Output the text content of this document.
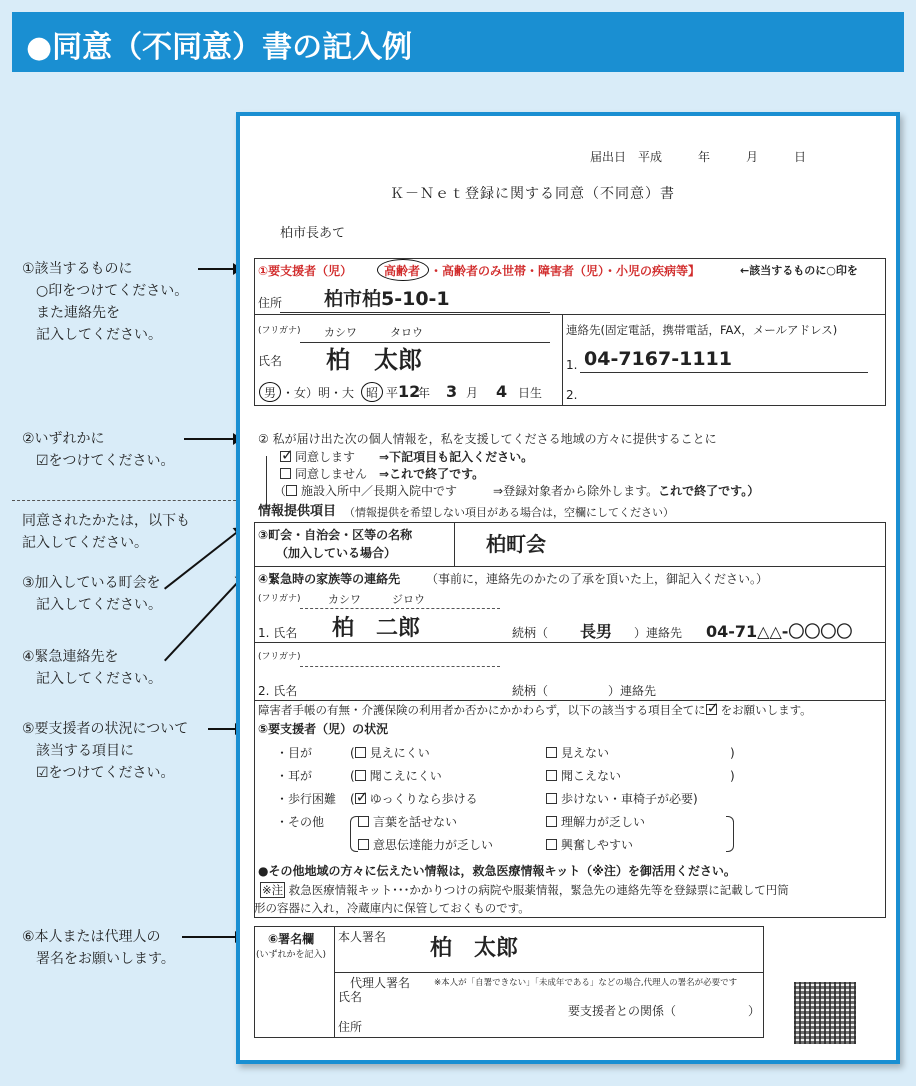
●同意（不同意）書の記入例
①該当するものに
○印をつけてください。
また連絡先を
記入してください。
②いずれかに
☑をつけてください。
同意されたかたは，以下も
記入してください。
③加入している町会を
記入してください。
④緊急連絡先を
記入してください。
⑤要支援者の状況について
該当する項目に
☑をつけてください。
⑥本人または代理人の
署名をお願いします。
届出日　平成　　　年　　　月　　　日
Ｋ－Ｎｅｔ登録に関する同意（不同意）書
柏市長あて
①要支援者（児）	高齢者 ・高齢者のみ世帯・障害者（児）・小児の疾病等】	←該当するものに○印を
住所 柏市柏5-10-1
(フリガナ) カシワ	タロウ
氏名 柏　太郎
男 ・女）明・大 昭 平 12
年 3 月 4 日生
連絡先(固定電話，携帯電話，FAX，メールアドレス)
1. 04-7167-1111
2.
② 私が届け出た次の個人情報を，私を支援してくださる地域の方々に提供することに
✓同意します　　 ⇒下記項目も記入ください。
同意しません　 ⇒これで終了です。
（ 施設入所中／長期入院中です　　　	⇒登録対象者から除外します。これで終了です。）
情報提供項目 （情報提供を希望しない項目がある場合は，空欄にしてください）
③町会・自治会・区等の名称
（加入している場合）	柏町会
④緊急時の家族等の連絡先 （事前に，連絡先のかたの了承を頂いた上，御記入ください。）
(フリガナ) カシワ	ジロウ
1. 氏名 柏　二郎	続柄（ 長男 ）連絡先 04-71△△-〇〇〇〇
(フリガナ)
2. 氏名	続柄（　　　　　）連絡先
障害者手帳の有無・介護保険の利用者か否かにかかわらず，以下の該当する項目全てに ✓ をお願いします。
⑤要支援者（児）の状況
・目が	( 見えにくい	見えない	)
・耳が	( 聞こえにくい	聞こえない	)
・歩行困難 ( ✓ ゆっくりなら歩ける	歩けない・車椅子が必要)
・その他	言葉を話せない	理解力が乏しい
意思伝達能力が乏しい	興奮しやすい
●その他地域の方々に伝えたい情報は，救急医療情報キット（※注）を御活用ください。
※注 救急医療情報キット･･･かかりつけの病院や服薬情報，緊急先の連絡先等を登録票に記載して円筒
形の容器に入れ，冷蔵庫内に保管しておくものです。
⑥署名欄
(いずれかを記入)
本人署名 柏　太郎
代理人署名	※本人が「自署できない」「未成年である」などの場合,代理人の署名が必要です
氏名
要支援者との関係（　　　　　　）
住所
